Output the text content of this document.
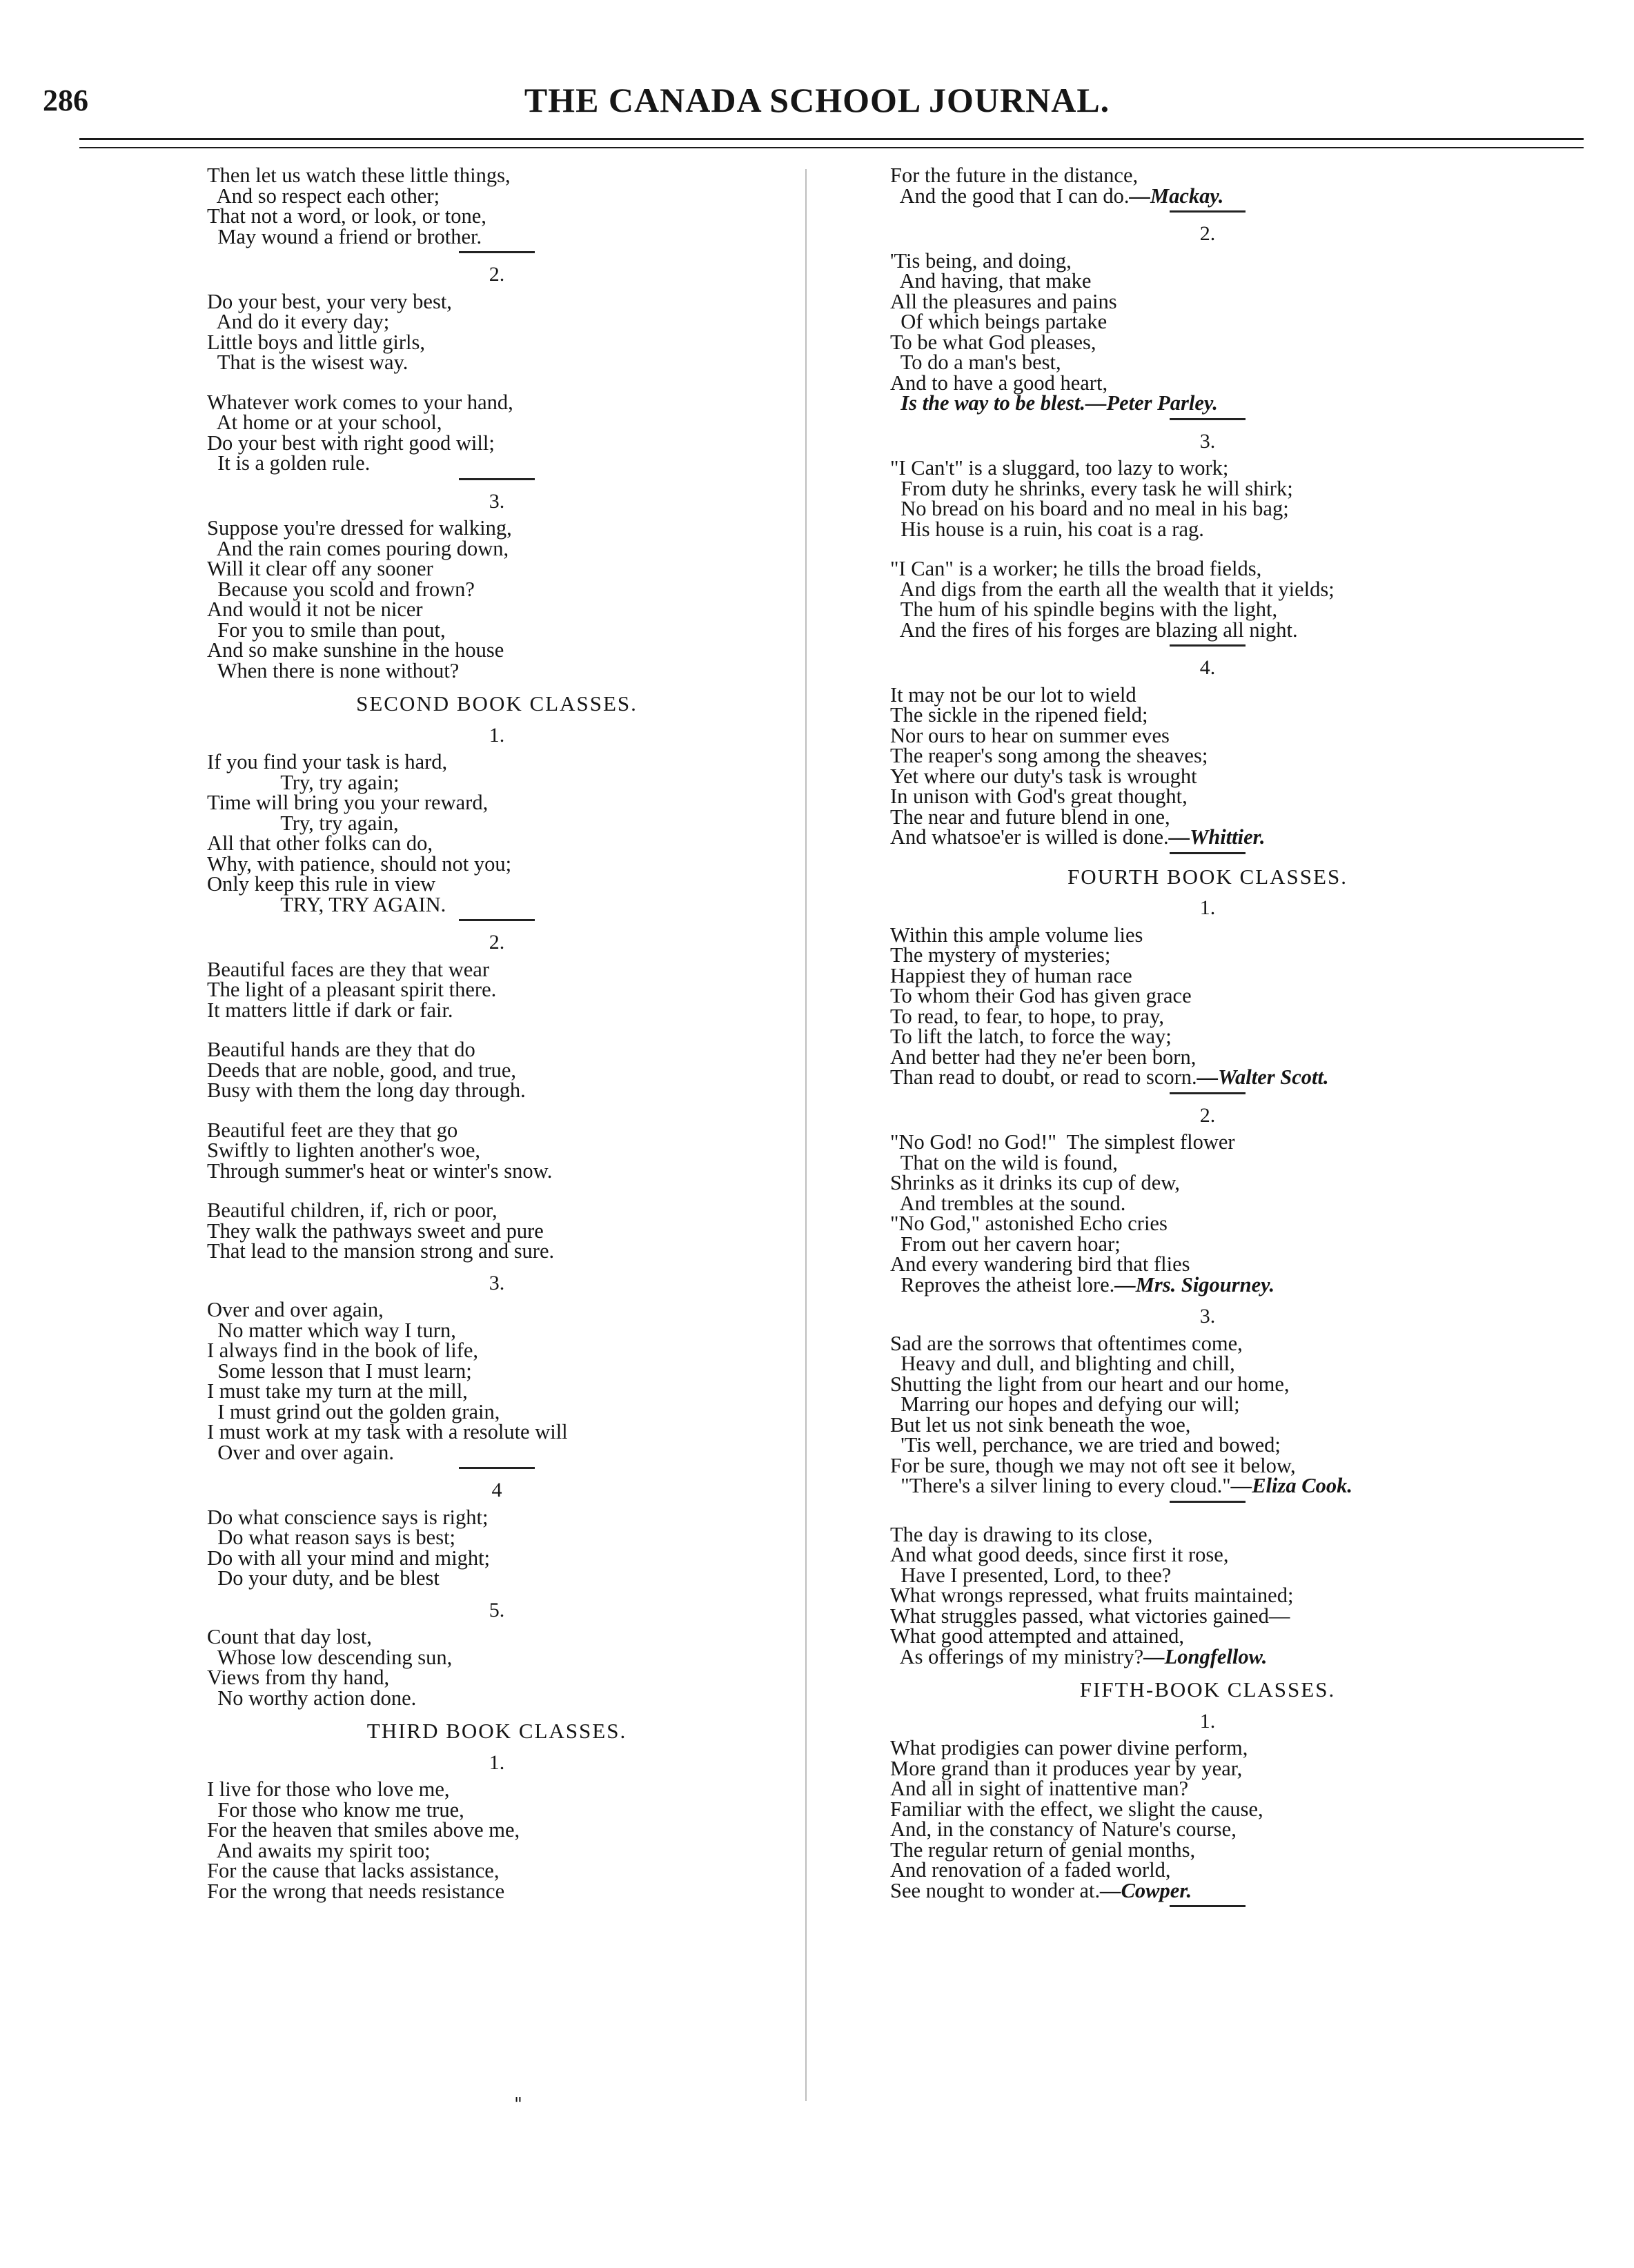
286	THE CANADA SCHOOL JOURNAL.
Then let us watch these little things,
And so respect each other;
That not a word, or look, or tone,
May wound a friend or brother.
2.
Do your best, your very best,
And do it every day;
Little boys and little girls,
That is the wisest way.
Whatever work comes to your hand,
At home or at your school,
Do your best with right good will;
It is a golden rule.
3.
Suppose you're dressed for walking,
And the rain comes pouring down,
Will it clear off any sooner
Because you scold and frown?
And would it not be nicer
For you to smile than pout,
And so make sunshine in the house
When there is none without?
SECOND BOOK CLASSES.
1.
If you find your task is hard,
Try, try again;
Time will bring you your reward,
Try, try again,
All that other folks can do,
Why, with patience, should not you;
Only keep this rule in view
TRY, TRY AGAIN.
2.
Beautiful faces are they that wear
The light of a pleasant spirit there.
It matters little if dark or fair.
Beautiful hands are they that do
Deeds that are noble, good, and true,
Busy with them the long day through.
Beautiful feet are they that go
Swiftly to lighten another's woe,
Through summer's heat or winter's snow.
Beautiful children, if, rich or poor,
They walk the pathways sweet and pure
That lead to the mansion strong and sure.
3.
Over and over again,
No matter which way I turn,
I always find in the book of life,
Some lesson that I must learn;
I must take my turn at the mill,
I must grind out the golden grain,
I must work at my task with a resolute will
Over and over again.
4
Do what conscience says is right;
Do what reason says is best;
Do with all your mind and might;
Do your duty, and be blest
5.
Count that day lost,
Whose low descending sun,
Views from thy hand,
No worthy action done.
THIRD BOOK CLASSES.
1.
I live for those who love me,
For those who know me true,
For the heaven that smiles above me,
And awaits my spirit too;
For the cause that lacks assistance,
For the wrong that needs resistance
"
For the future in the distance,
And the good that I can do.—Mackay.
2.
'Tis being, and doing,
And having, that make
All the pleasures and pains
Of which beings partake
To be what God pleases,
To do a man's best,
And to have a good heart,
Is the way to be blest.—Peter Parley.
3.
"I Can't" is a sluggard, too lazy to work;
From duty he shrinks, every task he will shirk;
No bread on his board and no meal in his bag;
His house is a ruin, his coat is a rag.
"I Can" is a worker; he tills the broad fields,
And digs from the earth all the wealth that it yields;
The hum of his spindle begins with the light,
And the fires of his forges are blazing all night.
4.
It may not be our lot to wield
The sickle in the ripened field;
Nor ours to hear on summer eves
The reaper's song among the sheaves;
Yet where our duty's task is wrought
In unison with God's great thought,
The near and future blend in one,
And whatsoe'er is willed is done.—Whittier.
FOURTH BOOK CLASSES.
1.
Within this ample volume lies
The mystery of mysteries;
Happiest they of human race
To whom their God has given grace
To read, to fear, to hope, to pray,
To lift the latch, to force the way;
And better had they ne'er been born,
Than read to doubt, or read to scorn.—Walter Scott.
2.
"No God! no God!"  The simplest flower
That on the wild is found,
Shrinks as it drinks its cup of dew,
And trembles at the sound.
"No God," astonished Echo cries
From out her cavern hoar;
And every wandering bird that flies
Reproves the atheist lore.—Mrs. Sigourney.
3.
Sad are the sorrows that oftentimes come,
Heavy and dull, and blighting and chill,
Shutting the light from our heart and our home,
Marring our hopes and defying our will;
But let us not sink beneath the woe,
'Tis well, perchance, we are tried and bowed;
For be sure, though we may not oft see it below,
"There's a silver lining to every cloud."—Eliza Cook.
The day is drawing to its close,
And what good deeds, since first it rose,
Have I presented, Lord, to thee?
What wrongs repressed, what fruits maintained;
What struggles passed, what victories gained—
What good attempted and attained,
As offerings of my ministry?—Longfellow.
FIFTH-BOOK CLASSES.
1.
What prodigies can power divine perform,
More grand than it produces year by year,
And all in sight of inattentive man?
Familiar with the effect, we slight the cause,
And, in the constancy of Nature's course,
The regular return of genial months,
And renovation of a faded world,
See nought to wonder at.—Cowper.
